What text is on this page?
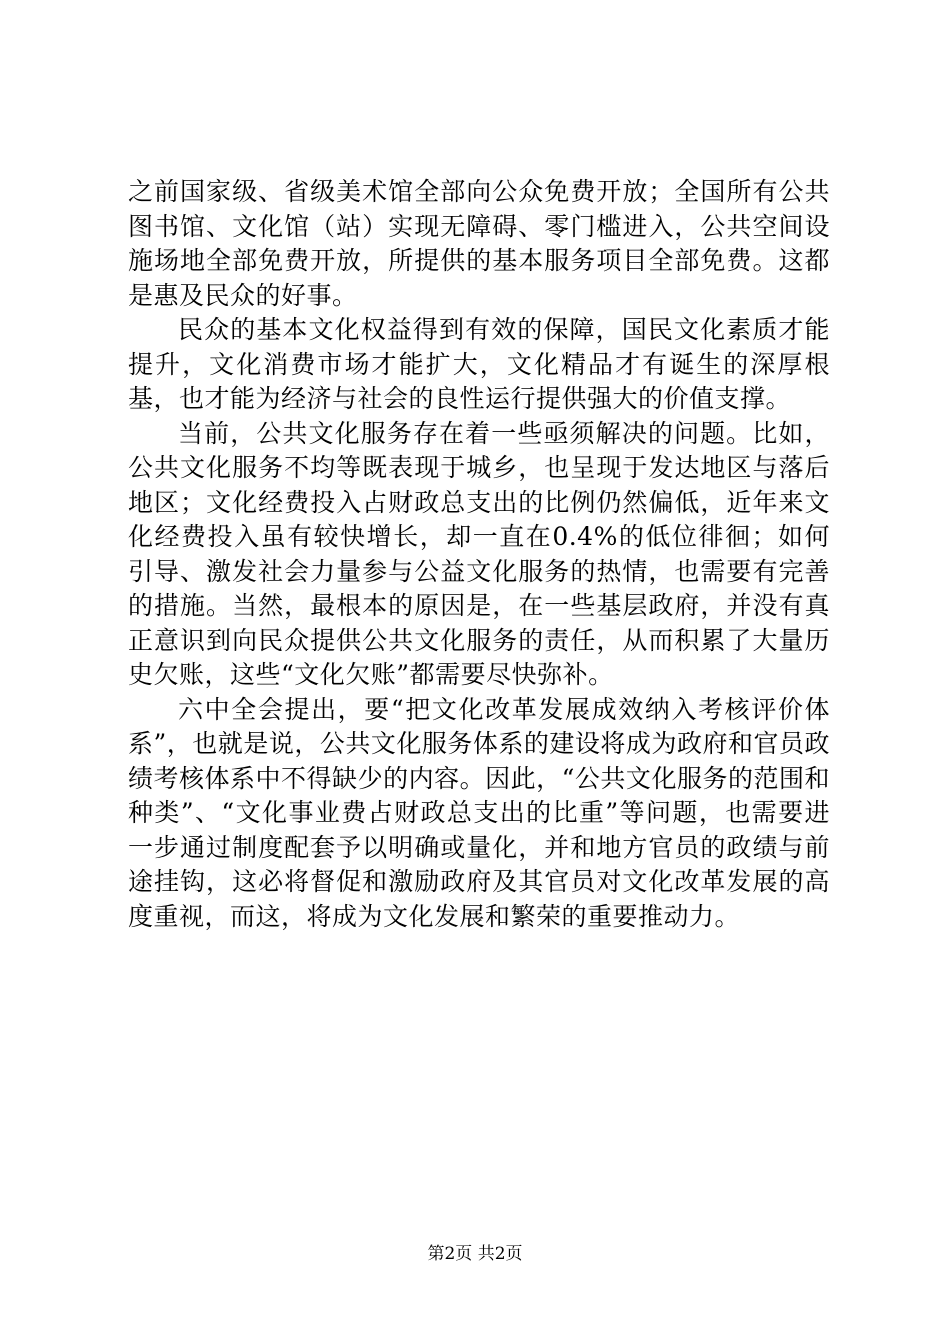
之前国家级、省级美术馆全部向公众免费开放；全国所有公共图书馆、文化馆（站）实现无障碍、零门槛进入，公共空间设施场地全部免费开放，所提供的基本服务项目全部免费。这都是惠及民众的好事。

民众的基本文化权益得到有效的保障，国民文化素质才能提升，文化消费市场才能扩大，文化精品才有诞生的深厚根基，也才能为经济与社会的良性运行提供强大的价值支撑。

当前，公共文化服务存在着一些亟须解决的问题。比如，公共文化服务不均等既表现于城乡，也呈现于发达地区与落后地区；文化经费投入占财政总支出的比例仍然偏低，近年来文化经费投入虽有较快增长，却一直在0.4%的低位徘徊；如何引导、激发社会力量参与公益文化服务的热情，也需要有完善的措施。当然，最根本的原因是，在一些基层政府，并没有真正意识到向民众提供公共文化服务的责任，从而积累了大量历史欠账，这些“文化欠账”都需要尽快弥补。

六中全会提出，要“把文化改革发展成效纳入考核评价体系”，也就是说，公共文化服务体系的建设将成为政府和官员政绩考核体系中不得缺少的内容。因此，“公共文化服务的范围和种类”、“文化事业费占财政总支出的比重”等问题，也需要进一步通过制度配套予以明确或量化，并和地方官员的政绩与前途挂钩，这必将督促和激励政府及其官员对文化改革发展的高度重视，而这，将成为文化发展和繁荣的重要推动力。

第2页 共2页
